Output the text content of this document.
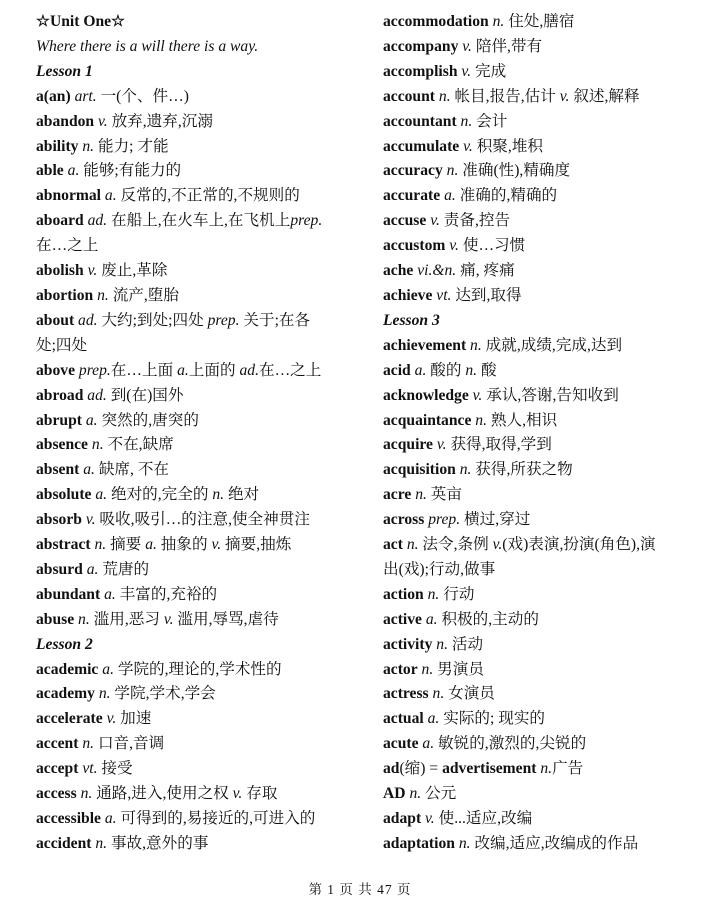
☆Unit One☆
Where there is a will there is a way.
Lesson 1
a(an) art. 一(个、件…)
abandon v. 放弃,遗弃,沉溺
ability n. 能力; 才能
able a. 能够;有能力的
abnormal a. 反常的,不正常的,不规则的
aboard ad. 在船上,在火车上,在飞机上prep.
在…之上
abolish v. 废止,革除
abortion n. 流产,堕胎
about ad. 大约;到处;四处 prep. 关于;在各
处;四处
above prep.在…上面 a.上面的 ad.在…之上
abroad ad. 到(在)国外
abrupt a. 突然的,唐突的
absence n. 不在,缺席
absent a. 缺席, 不在
absolute a. 绝对的,完全的 n. 绝对
absorb v. 吸收,吸引…的注意,使全神贯注
abstract n. 摘要 a. 抽象的 v. 摘要,抽炼
absurd a. 荒唐的
abundant a. 丰富的,充裕的
abuse n. 滥用,恶习 v. 滥用,辱骂,虐待
Lesson 2
academic a. 学院的,理论的,学术性的
academy n. 学院,学术,学会
accelerate v. 加速
accent n. 口音,音调
accept vt. 接受
access n. 通路,进入,使用之权 v. 存取
accessible a. 可得到的,易接近的,可进入的
accident n. 事故,意外的事
accommodation n. 住处,膳宿
accompany v. 陪伴,带有
accomplish v. 完成
account n. 帐目,报告,估计 v. 叙述,解释
accountant n. 会计
accumulate v. 积聚,堆积
accuracy n. 准确(性),精确度
accurate a. 准确的,精确的
accuse v. 责备,控告
accustom v. 使…习惯
ache vi.&n. 痛, 疼痛
achieve vt. 达到,取得
Lesson 3
achievement n. 成就,成绩,完成,达到
acid a. 酸的 n. 酸
acknowledge v. 承认,答谢,告知收到
acquaintance n. 熟人,相识
acquire v. 获得,取得,学到
acquisition n. 获得,所获之物
acre n. 英亩
across prep. 横过,穿过
act n. 法令,条例 v.(戏)表演,扮演(角色),演
出(戏);行动,做事
action n. 行动
active a. 积极的,主动的
activity n. 活动
actor n. 男演员
actress n. 女演员
actual a. 实际的; 现实的
acute a. 敏锐的,激烈的,尖锐的
ad(缩) = advertisement n.广告
AD n. 公元
adapt v. 使...适应,改编
adaptation n. 改编,适应,改编成的作品
第 1 页 共 47 页
